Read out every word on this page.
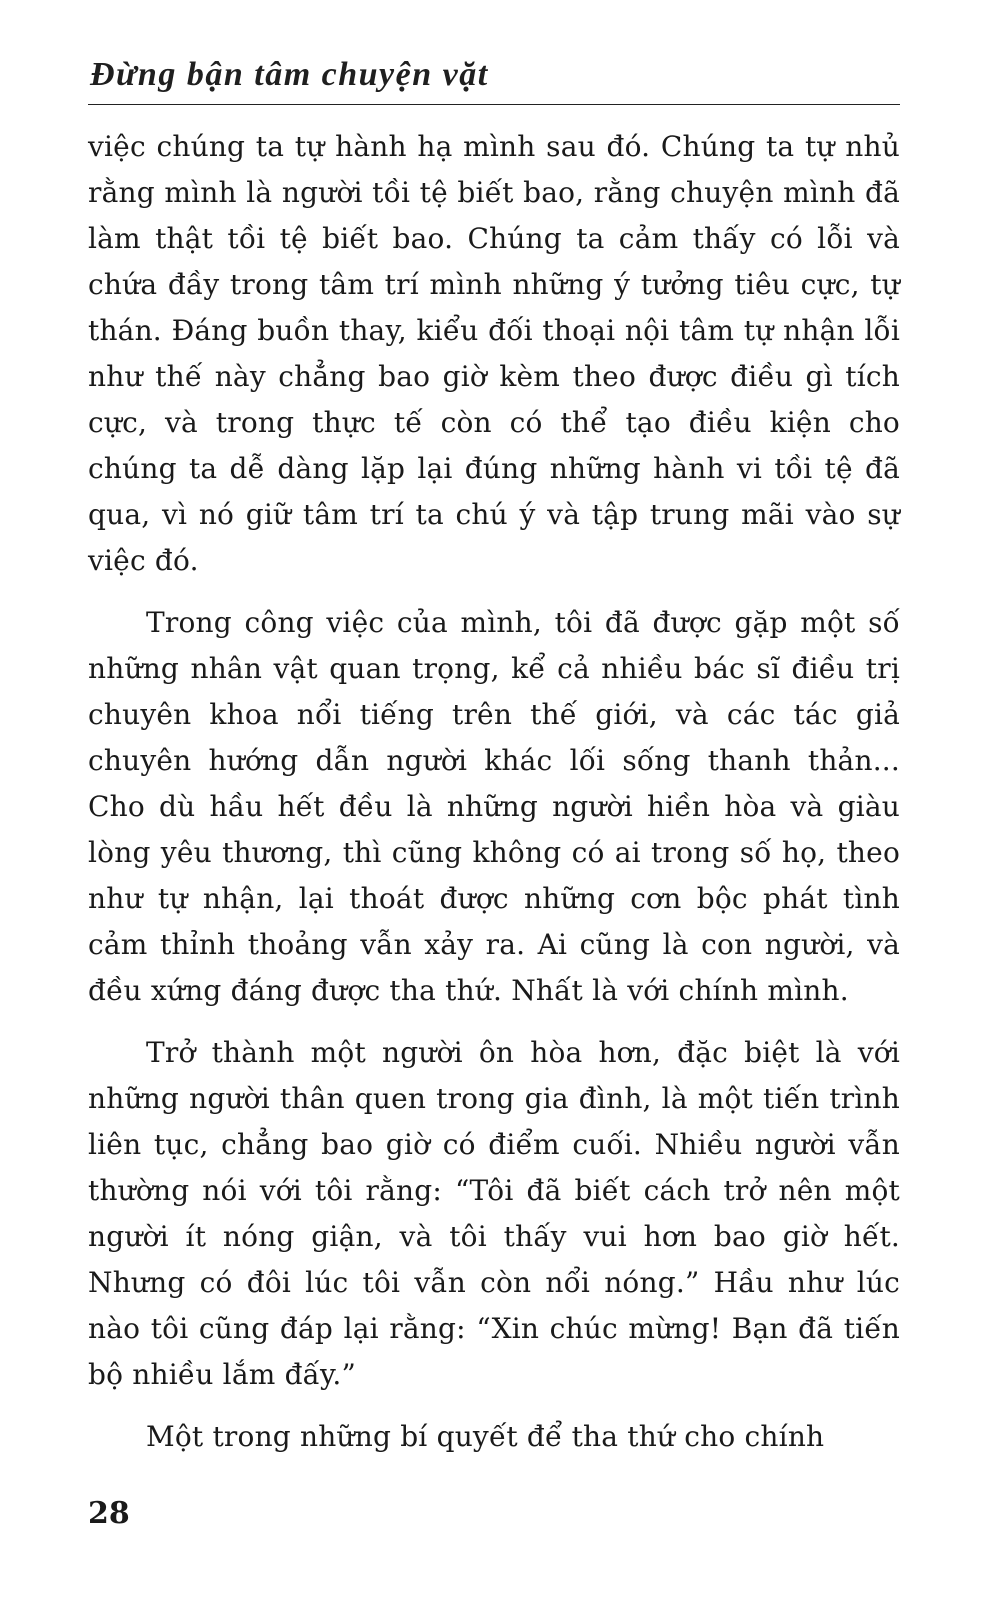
Đừng bận tâm chuyện vặt

việc chúng ta tự hành hạ mình sau đó. Chúng ta tự nhủ rằng mình là người tồi tệ biết bao, rằng chuyện mình đã làm thật tồi tệ biết bao. Chúng ta cảm thấy có lỗi và chứa đầy trong tâm trí mình những ý tưởng tiêu cực, tự thán. Đáng buồn thay, kiểu đối thoại nội tâm tự nhận lỗi như thế này chẳng bao giờ kèm theo được điều gì tích cực, và trong thực tế còn có thể tạo điều kiện cho chúng ta dễ dàng lặp lại đúng những hành vi tồi tệ đã qua, vì nó giữ tâm trí ta chú ý và tập trung mãi vào sự việc đó.

Trong công việc của mình, tôi đã được gặp một số những nhân vật quan trọng, kể cả nhiều bác sĩ điều trị chuyên khoa nổi tiếng trên thế giới, và các tác giả chuyên hướng dẫn người khác lối sống thanh thản... Cho dù hầu hết đều là những người hiền hòa và giàu lòng yêu thương, thì cũng không có ai trong số họ, theo như tự nhận, lại thoát được những cơn bộc phát tình cảm thỉnh thoảng vẫn xảy ra. Ai cũng là con người, và đều xứng đáng được tha thứ. Nhất là với chính mình.

Trở thành một người ôn hòa hơn, đặc biệt là với những người thân quen trong gia đình, là một tiến trình liên tục, chẳng bao giờ có điểm cuối. Nhiều người vẫn thường nói với tôi rằng: “Tôi đã biết cách trở nên một người ít nóng giận, và tôi thấy vui hơn bao giờ hết. Nhưng có đôi lúc tôi vẫn còn nổi nóng.” Hầu như lúc nào tôi cũng đáp lại rằng: “Xin chúc mừng! Bạn đã tiến bộ nhiều lắm đấy.”

Một trong những bí quyết để tha thứ cho chính

28
